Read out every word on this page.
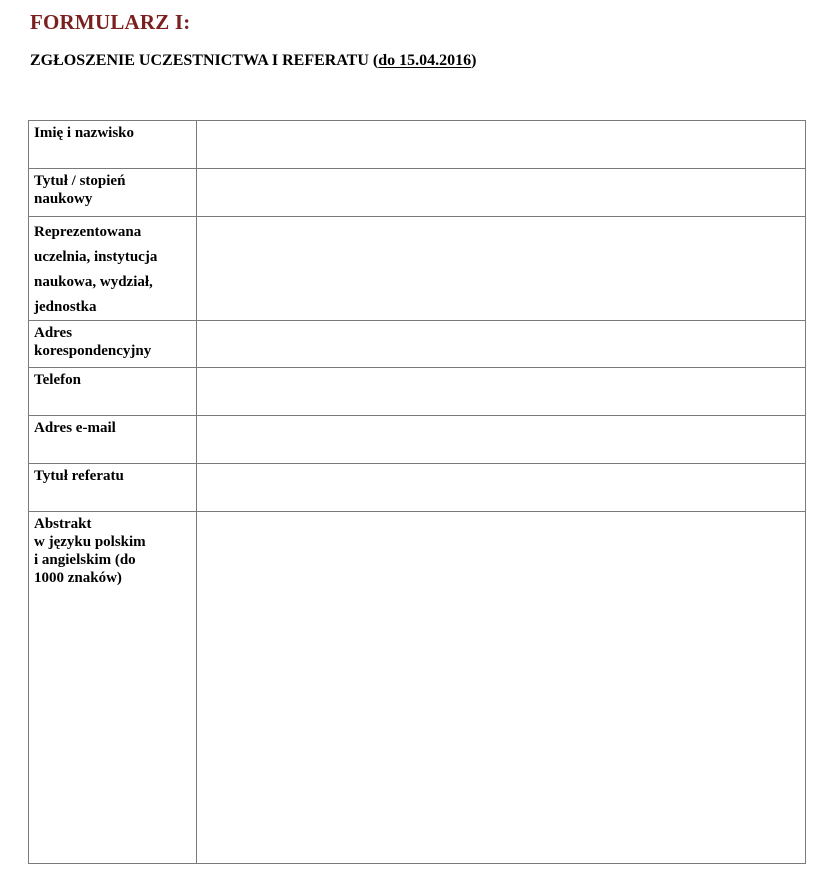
FORMULARZ I:
ZGŁOSZENIE UCZESTNICTWA I REFERATU (do 15.04.2016)
Imię i nazwisko	

Tytuł / stopień
naukowy	

Reprezentowana
uczelnia, instytucja
naukowa, wydział,
jednostka	

Adres
korespondencyjny	

Telefon	

Adres e-mail	

Tytuł referatu	

Abstrakt
w języku polskim
i angielskim (do
1000 znaków)	
